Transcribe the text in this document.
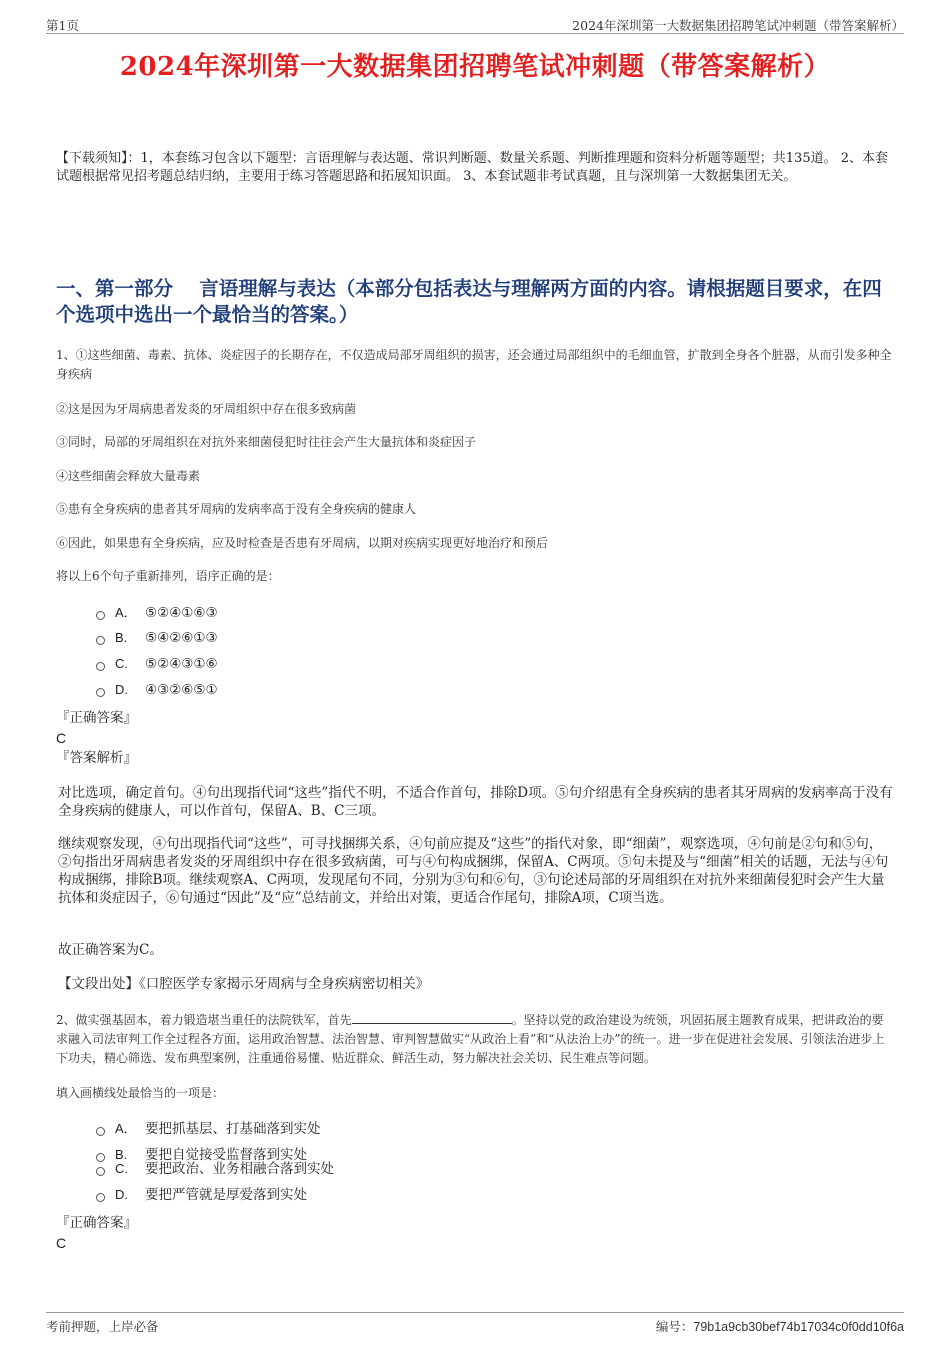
第1页	2024年深圳第一大数据集团招聘笔试冲刺题（带答案解析）
2024年深圳第一大数据集团招聘笔试冲刺题（带答案解析）

【下载须知】：1，本套练习包含以下题型：言语理解与表达题、常识判断题、数量关系题、判断推理题和资料分析题等题型；共135道。 2、本套试题根据常见招考题总结归纳，主要用于练习答题思路和拓展知识面。 3、本套试题非考试真题，且与深圳第一大数据集团无关。

一、第一部分　 言语理解与表达（本部分包括表达与理解两方面的内容。请根据题目要求，在四个选项中选出一个最恰当的答案。）

1、①这些细菌、毒素、抗体、炎症因子的长期存在，不仅造成局部牙周组织的损害，还会通过局部组织中的毛细血管，扩散到全身各个脏器，从而引发多种全身疾病

②这是因为牙周病患者发炎的牙周组织中存在很多致病菌

③同时，局部的牙周组织在对抗外来细菌侵犯时往往会产生大量抗体和炎症因子

④这些细菌会释放大量毒素

⑤患有全身疾病的患者其牙周病的发病率高于没有全身疾病的健康人

⑥因此，如果患有全身疾病，应及时检查是否患有牙周病，以期对疾病实现更好地治疗和预后

将以上6个句子重新排列，语序正确的是：

A． ⑤②④①⑥③
B.	⑤④②⑥①③
C.	⑤②④③①⑥
D.	④③②⑥⑤①
『正确答案』
C
『答案解析』

对比选项，确定首句。④句出现指代词“这些”指代不明，不适合作首句，排除D项。⑤句介绍患有全身疾病的患者其牙周病的发病率高于没有全身疾病的健康人，可以作首句，保留A、B、C三项。

继续观察发现，④句出现指代词“这些”，可寻找捆绑关系，④句前应提及“这些”的指代对象，即“细菌”，观察选项，④句前是②句和⑤句，②句指出牙周病患者发炎的牙周组织中存在很多致病菌，可与④句构成捆绑，保留A、C两项。⑤句未提及与“细菌”相关的话题，无法与④句构成捆绑，排除B项。继续观察A、C两项，发现尾句不同，分别为③句和⑥句，③句论述局部的牙周组织在对抗外来细菌侵犯时会产生大量抗体和炎症因子，⑥句通过“因此”及“应”总结前文，并给出对策，更适合作尾句，排除A项，C项当选。

故正确答案为C。

【文段出处】《口腔医学专家揭示牙周病与全身疾病密切相关》

2、做实强基固本，着力锻造堪当重任的法院铁军，首先	。坚持以党的政治建设为统领，巩固拓展主题教育成果，把讲政治的要求融入司法审判工作全过程各方面，运用政治智慧、法治智慧、审判智慧做实“从政治上看”和“从法治上办”的统一。进一步在促进社会发展、引领法治进步上下功夫，精心筛选、发布典型案例，注重通俗易懂、贴近群众、鲜活生动，努力解决社会关切、民生难点等问题。

填入画横线处最恰当的一项是：

A． 要把抓基层、打基础落到实处
B.	要把自觉接受监督落到实处
C.	要把政治、业务相融合落到实处
D.	要把严管就是厚爱落到实处
『正确答案』
C
考前押题，上岸必备	编号：79b1a9cb30bef74b17034c0f0dd10f6a
